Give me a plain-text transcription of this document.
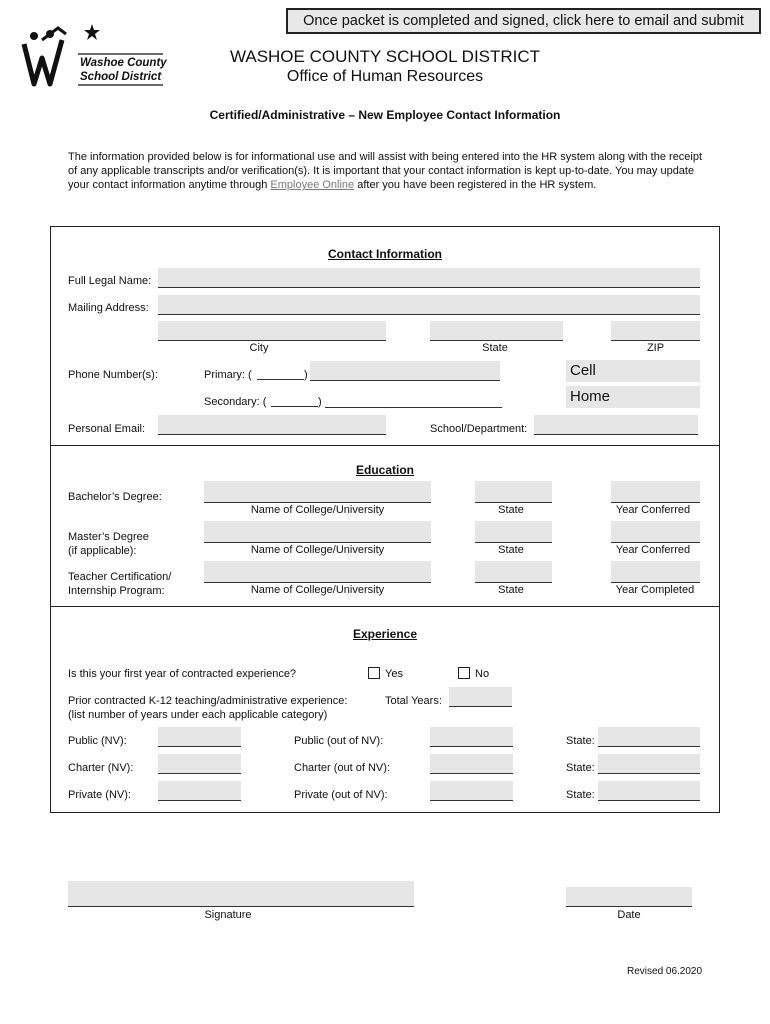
Once packet is completed and signed, click here to email and submit
Washoe County
School District
WASHOE COUNTY SCHOOL DISTRICT
Office of Human Resources
Certified/Administrative – New Employee Contact Information
The information provided below is for informational use and will assist with being entered into the HR system along with the receipt of any applicable transcripts and/or verification(s). It is important that your contact information is kept up-to-date. You may update your contact information anytime through Employee Online after you have been registered in the HR system.
Contact Information
Full Legal Name:
Mailing Address:
City	State	ZIP
Phone Number(s):	Primary: (	)	Cell
Secondary: (	)	Home
Personal Email:	School/Department:
Education
Bachelor’s Degree:
Name of College/University	State	Year Conferred
Master’s Degree
(if applicable):	Name of College/University	State	Year Conferred
Teacher Certification/
Internship Program:	Name of College/University	State	Year Completed
Experience
Is this your first year of contracted experience?	Yes	No
Prior contracted K-12 teaching/administrative experience:
(list number of years under each applicable category)
Total Years:
Public (NV):	Public (out of NV):	State:
Charter (NV):	Charter (out of NV):	State:
Private (NV):	Private (out of NV):	State:
Signature	Date
Revised 06.2020
